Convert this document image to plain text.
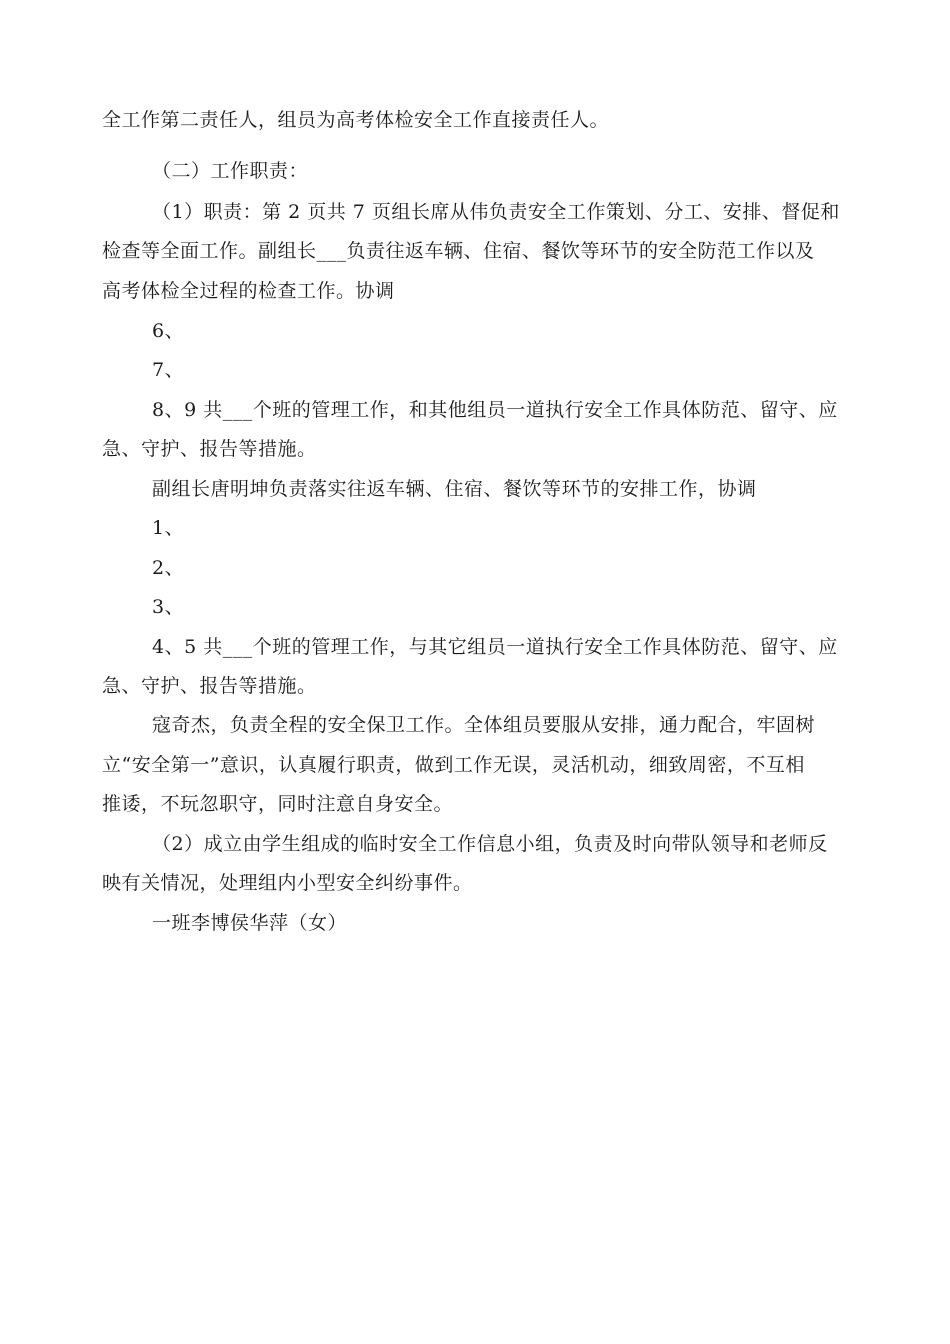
全工作第二责任人，组员为高考体检安全工作直接责任人。
（二）工作职责：
（1）职责：第 2 页共 7 页组长席从伟负责安全工作策划、分工、安排、督促和
检查等全面工作。副组长___负责往返车辆、住宿、餐饮等环节的安全防范工作以及
高考体检全过程的检查工作。协调
6、
7、
8、9 共___个班的管理工作，和其他组员一道执行安全工作具体防范、留守、应
急、守护、报告等措施。
副组长唐明坤负责落实往返车辆、住宿、餐饮等环节的安排工作，协调
1、
2、
3、
4、5 共___个班的管理工作，与其它组员一道执行安全工作具体防范、留守、应
急、守护、报告等措施。
寇奇杰，负责全程的安全保卫工作。全体组员要服从安排，通力配合，牢固树
立“安全第一”意识，认真履行职责，做到工作无误，灵活机动，细致周密，不互相
推诿，不玩忽职守，同时注意自身安全。
（2）成立由学生组成的临时安全工作信息小组，负责及时向带队领导和老师反
映有关情况，处理组内小型安全纠纷事件。
一班李博侯华萍（女）
